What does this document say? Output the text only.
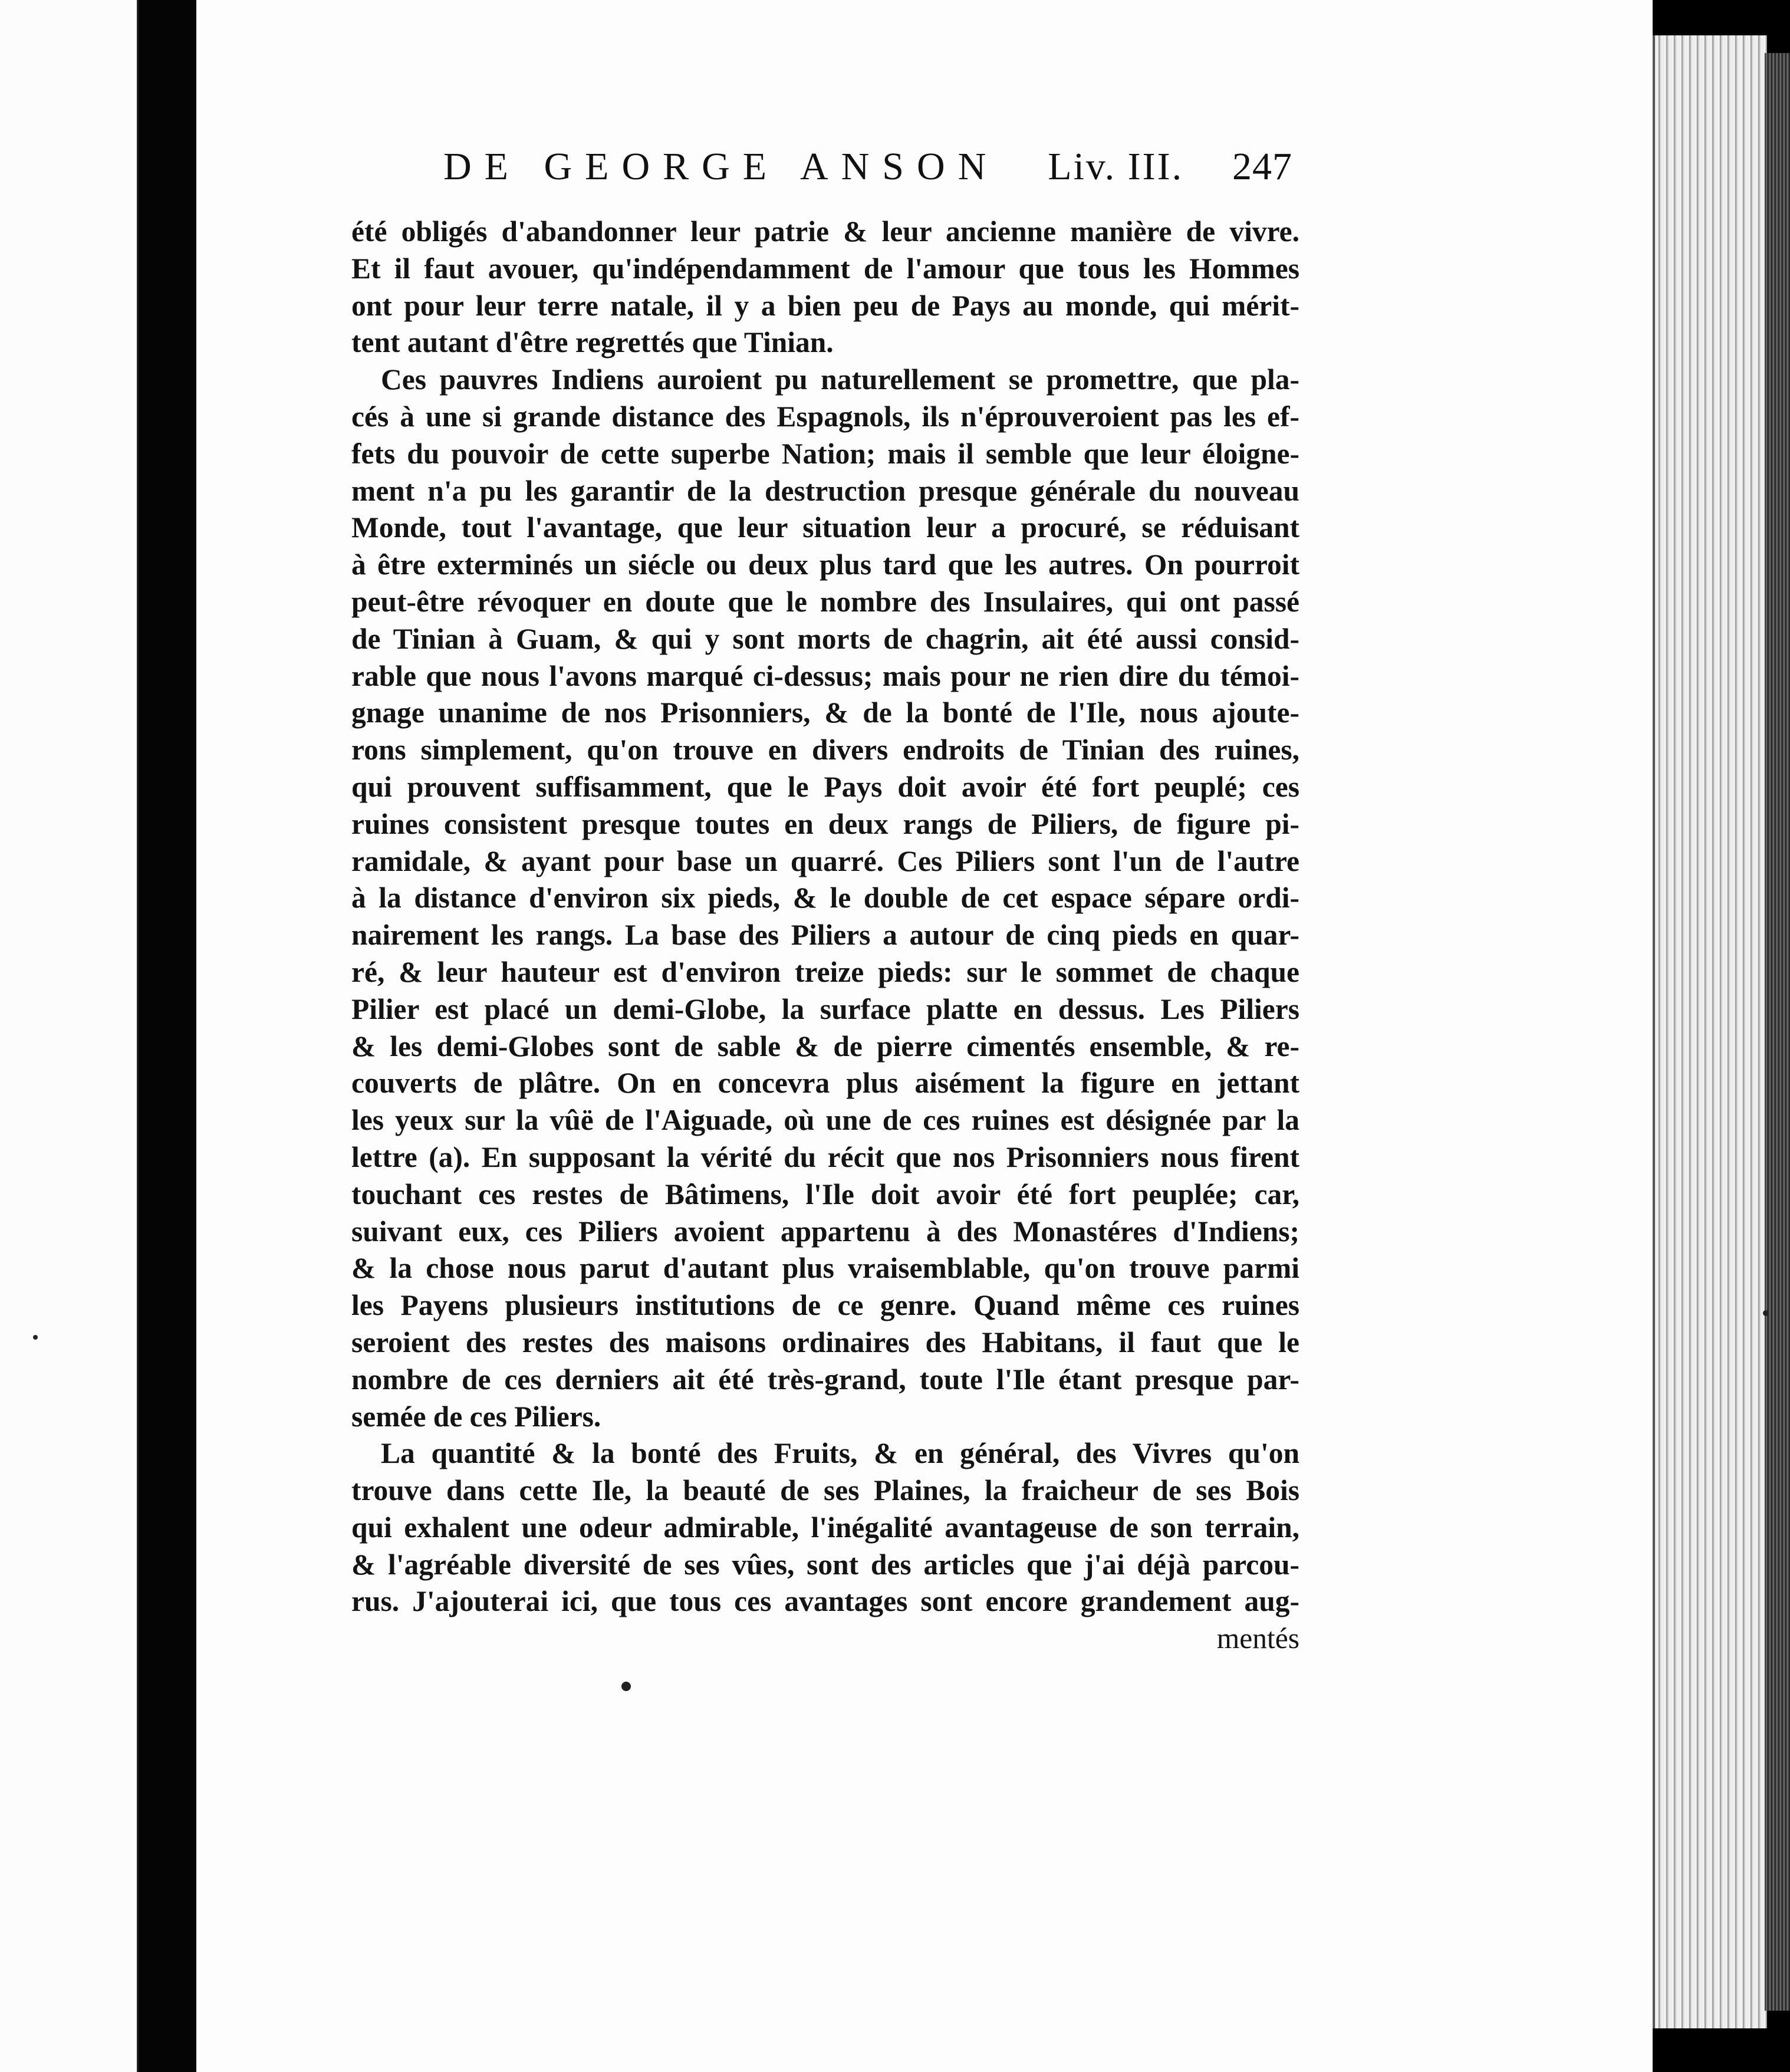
DE GEORGE ANSON Liv. III. 247
été obligés d'abandonner leur patrie & leur ancienne manière de vivre.
Et il faut avouer, qu'indépendamment de l'amour que tous les Hommes
ont pour leur terre natale, il y a bien peu de Pays au monde, qui mérit-
tent autant d'être regrettés que Tinian.
Ces pauvres Indiens auroient pu naturellement se promettre, que pla-
cés à une si grande distance des Espagnols, ils n'éprouveroient pas les ef-
fets du pouvoir de cette superbe Nation; mais il semble que leur éloigne-
ment n'a pu les garantir de la destruction presque générale du nouveau
Monde, tout l'avantage, que leur situation leur a procuré, se réduisant
à être exterminés un siécle ou deux plus tard que les autres. On pourroit
peut-être révoquer en doute que le nombre des Insulaires, qui ont passé
de Tinian à Guam, & qui y sont morts de chagrin, ait été aussi consid-
rable que nous l'avons marqué ci-dessus; mais pour ne rien dire du témoi-
gnage unanime de nos Prisonniers, & de la bonté de l'Ile, nous ajoute-
rons simplement, qu'on trouve en divers endroits de Tinian des ruines,
qui prouvent suffisamment, que le Pays doit avoir été fort peuplé; ces
ruines consistent presque toutes en deux rangs de Piliers, de figure pi-
ramidale, & ayant pour base un quarré. Ces Piliers sont l'un de l'autre
à la distance d'environ six pieds, & le double de cet espace sépare ordi-
nairement les rangs. La base des Piliers a autour de cinq pieds en quar-
ré, & leur hauteur est d'environ treize pieds: sur le sommet de chaque
Pilier est placé un demi-Globe, la surface platte en dessus. Les Piliers
& les demi-Globes sont de sable & de pierre cimentés ensemble, & re-
couverts de plâtre. On en concevra plus aisément la figure en jettant
les yeux sur la vûë de l'Aiguade, où une de ces ruines est désignée par la
lettre (a). En supposant la vérité du récit que nos Prisonniers nous firent
touchant ces restes de Bâtimens, l'Ile doit avoir été fort peuplée; car,
suivant eux, ces Piliers avoient appartenu à des Monastéres d'Indiens;
& la chose nous parut d'autant plus vraisemblable, qu'on trouve parmi
les Payens plusieurs institutions de ce genre. Quand même ces ruines
seroient des restes des maisons ordinaires des Habitans, il faut que le
nombre de ces derniers ait été très-grand, toute l'Ile étant presque par-
semée de ces Piliers.
La quantité & la bonté des Fruits, & en général, des Vivres qu'on
trouve dans cette Ile, la beauté de ses Plaines, la fraicheur de ses Bois
qui exhalent une odeur admirable, l'inégalité avantageuse de son terrain,
& l'agréable diversité de ses vûes, sont des articles que j'ai déjà parcou-
rus. J'ajouterai ici, que tous ces avantages sont encore grandement aug-
mentés
